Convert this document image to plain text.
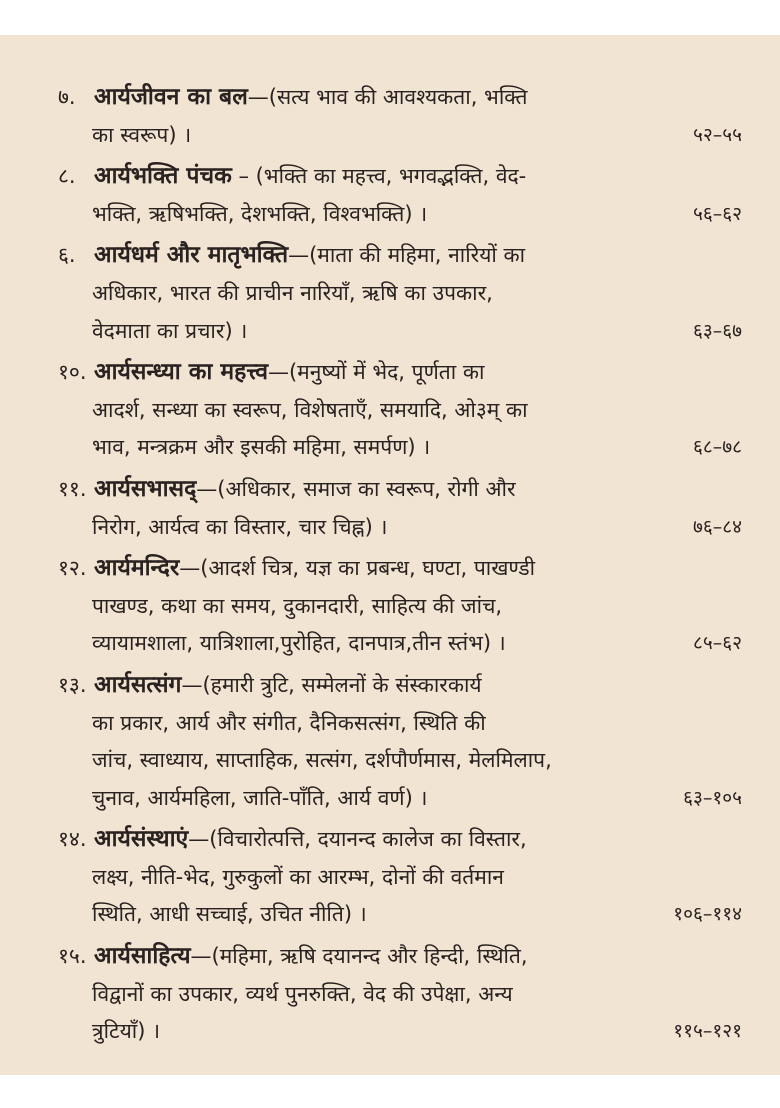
७. आर्यजीवन का बल—(सत्य भाव की आवश्यकता, भक्ति
का स्वरूप) ।	५२–५५
८. आर्यभक्ति पंचक – (भक्ति का महत्त्व, भगवद्भक्ति, वेद-
भक्ति, ऋषिभक्ति, देशभक्ति, विश्वभक्ति) ।	५६–६२
६. आर्यधर्म और मातृभक्ति—(माता की महिमा, नारियों का
अधिकार, भारत की प्राचीन नारियाँ, ऋषि का उपकार,
वेदमाता का प्रचार) ।	६३–६७
१०. आर्यसन्ध्या का महत्त्व—(मनुष्यों में भेद, पूर्णता का
आदर्श, सन्ध्या का स्वरूप, विशेषताएँ, समयादि, ओ३म् का
भाव, मन्त्रक्रम और इसकी महिमा, समर्पण) ।	६८–७८
११. आर्यसभासद्—(अधिकार, समाज का स्वरूप, रोगी और
निरोग, आर्यत्व का विस्तार, चार चिह्न) ।	७६–८४
१२. आर्यमन्दिर—(आदर्श चित्र, यज्ञ का प्रबन्ध, घण्टा, पाखण्डी
पाखण्ड, कथा का समय, दुकानदारी, साहित्य की जांच,
व्यायामशाला, यात्रिशाला,पुरोहित, दानपात्र,तीन स्तंभ) ।	८५–६२
१३. आर्यसत्संग—(हमारी त्रुटि, सम्मेलनों के संस्कारकार्य
का प्रकार, आर्य और संगीत, दैनिकसत्संग, स्थिति की
जांच, स्वाध्याय, साप्ताहिक, सत्संग, दर्शपौर्णमास, मेलमिलाप,
चुनाव, आर्यमहिला, जाति-पाँति, आर्य वर्ण) ।	६३–१०५
१४. आर्यसंस्थाएं—(विचारोत्पत्ति, दयानन्द कालेज का विस्तार,
लक्ष्य, नीति-भेद, गुरुकुलों का आरम्भ, दोनों की वर्तमान
स्थिति, आधी सच्चाई, उचित नीति) ।	१०६–११४
१५. आर्यसाहित्य—(महिमा, ऋषि दयानन्द और हिन्दी, स्थिति,
विद्वानों का उपकार, व्यर्थ पुनरुक्ति, वेद की उपेक्षा, अन्य
त्रुटियाँ) ।	११५–१२१
